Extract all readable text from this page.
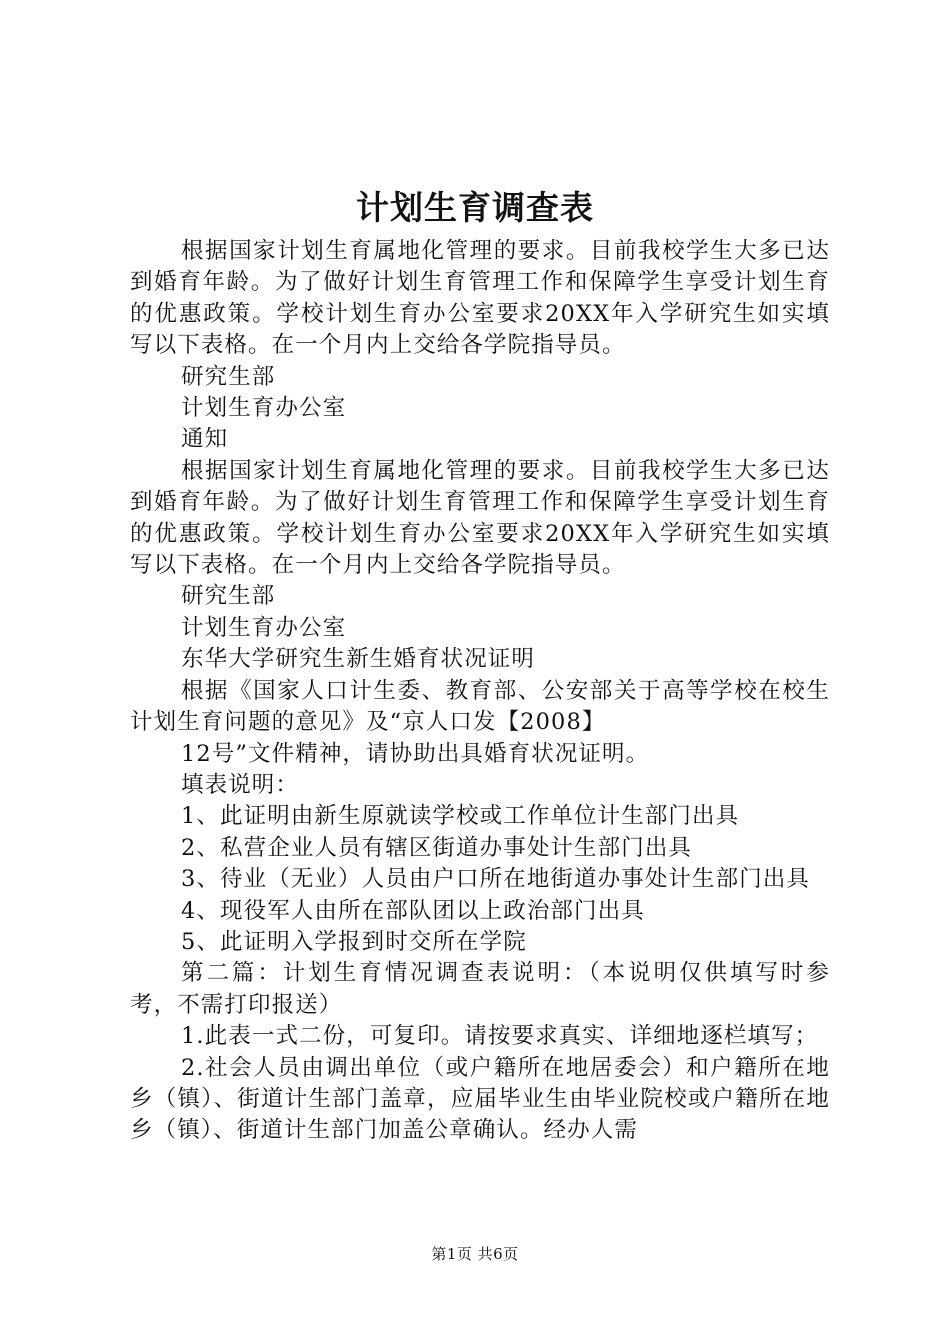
计划生育调查表

根据国家计划生育属地化管理的要求。目前我校学生大多已达到婚育年龄。为了做好计划生育管理工作和保障学生享受计划生育的优惠政策。学校计划生育办公室要求20XX年入学研究生如实填写以下表格。在一个月内上交给各学院指导员。

研究生部

计划生育办公室

通知

根据国家计划生育属地化管理的要求。目前我校学生大多已达到婚育年龄。为了做好计划生育管理工作和保障学生享受计划生育的优惠政策。学校计划生育办公室要求20XX年入学研究生如实填写以下表格。在一个月内上交给各学院指导员。

研究生部

计划生育办公室

东华大学研究生新生婚育状况证明

根据《国家人口计生委、教育部、公安部关于高等学校在校生计划生育问题的意见》及“京人口发【2008】

12号”文件精神，请协助出具婚育状况证明。

填表说明：

1、此证明由新生原就读学校或工作单位计生部门出具

2、私营企业人员有辖区街道办事处计生部门出具

3、待业（无业）人员由户口所在地街道办事处计生部门出具

4、现役军人由所在部队团以上政治部门出具

5、此证明入学报到时交所在学院

第二篇：计划生育情况调查表说明：（本说明仅供填写时参考，不需打印报送）

1.此表一式二份，可复印。请按要求真实、详细地逐栏填写；

2.社会人员由调出单位（或户籍所在地居委会）和户籍所在地乡（镇）、街道计生部门盖章，应届毕业生由毕业院校或户籍所在地乡（镇）、街道计生部门加盖公章确认。经办人需

第1页 共6页
